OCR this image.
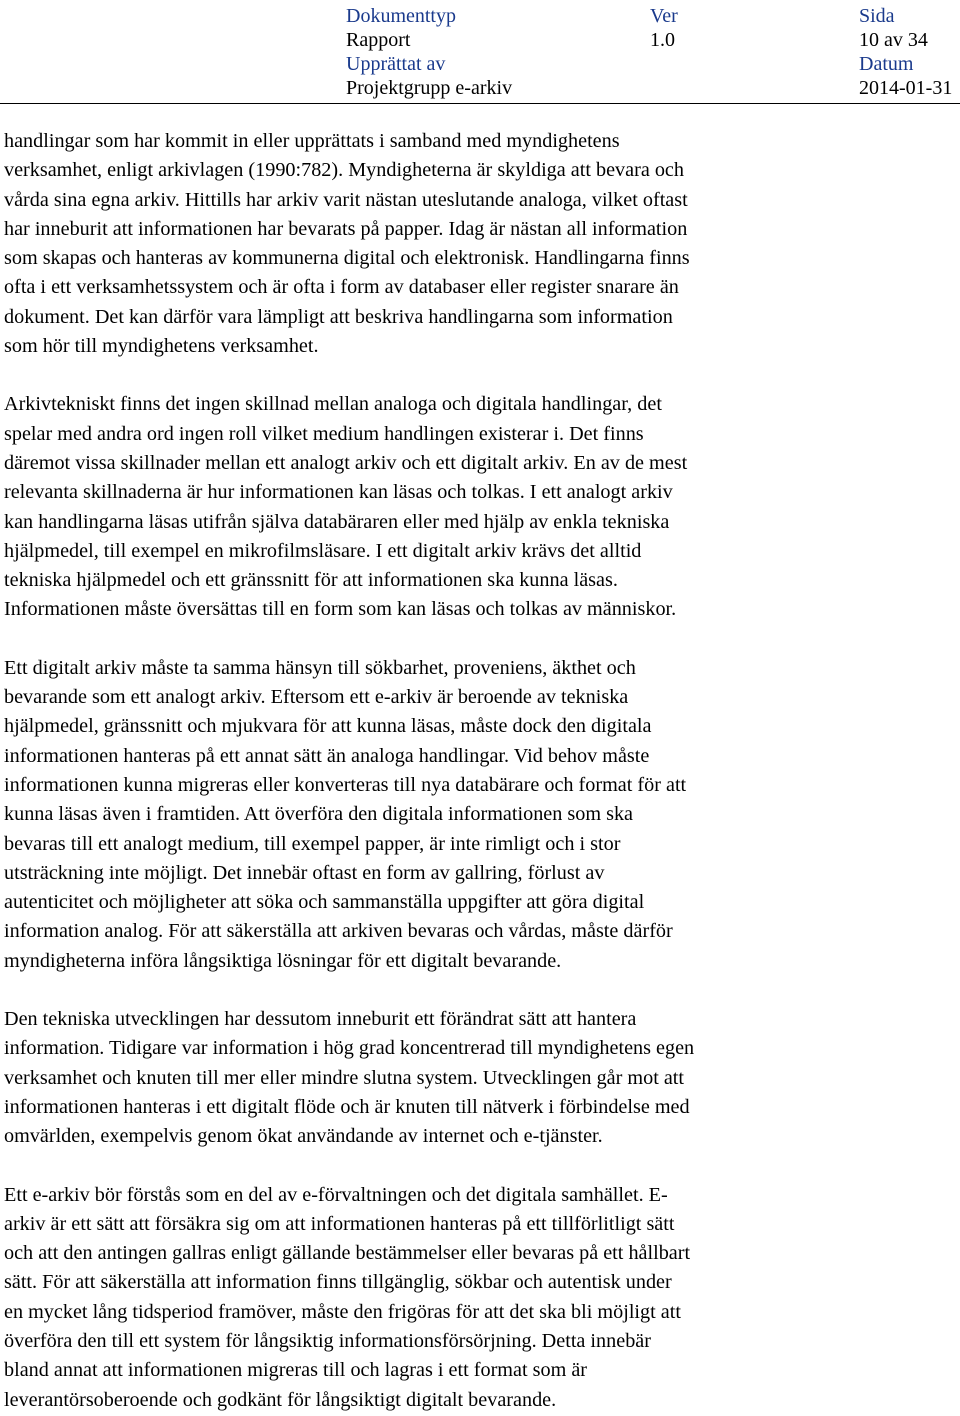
Dokumenttyp	Ver	Sida
Rapport	1.0	10 av 34
Upprättat av	Datum
Projektgrupp e-arkiv	2014-01-31

handlingar som har kommit in eller upprättats i samband med myndighetens
verksamhet, enligt arkivlagen (1990:782). Myndigheterna är skyldiga att bevara och
vårda sina egna arkiv. Hittills har arkiv varit nästan uteslutande analoga, vilket oftast
har inneburit att informationen har bevarats på papper. Idag är nästan all information
som skapas och hanteras av kommunerna digital och elektronisk. Handlingarna finns
ofta i ett verksamhetssystem och är ofta i form av databaser eller register snarare än
dokument. Det kan därför vara lämpligt att beskriva handlingarna som information
som hör till myndighetens verksamhet.

Arkivtekniskt finns det ingen skillnad mellan analoga och digitala handlingar, det
spelar med andra ord ingen roll vilket medium handlingen existerar i. Det finns
däremot vissa skillnader mellan ett analogt arkiv och ett digitalt arkiv. En av de mest
relevanta skillnaderna är hur informationen kan läsas och tolkas. I ett analogt arkiv
kan handlingarna läsas utifrån själva databäraren eller med hjälp av enkla tekniska
hjälpmedel, till exempel en mikrofilmsläsare. I ett digitalt arkiv krävs det alltid
tekniska hjälpmedel och ett gränssnitt för att informationen ska kunna läsas.
Informationen måste översättas till en form som kan läsas och tolkas av människor.

Ett digitalt arkiv måste ta samma hänsyn till sökbarhet, proveniens, äkthet och
bevarande som ett analogt arkiv. Eftersom ett e-arkiv är beroende av tekniska
hjälpmedel, gränssnitt och mjukvara för att kunna läsas, måste dock den digitala
informationen hanteras på ett annat sätt än analoga handlingar. Vid behov måste
informationen kunna migreras eller konverteras till nya databärare och format för att
kunna läsas även i framtiden. Att överföra den digitala informationen som ska
bevaras till ett analogt medium, till exempel papper, är inte rimligt och i stor
utsträckning inte möjligt. Det innebär oftast en form av gallring, förlust av
autenticitet och möjligheter att söka och sammanställa uppgifter att göra digital
information analog. För att säkerställa att arkiven bevaras och vårdas, måste därför
myndigheterna införa långsiktiga lösningar för ett digitalt bevarande.

Den tekniska utvecklingen har dessutom inneburit ett förändrat sätt att hantera
information. Tidigare var information i hög grad koncentrerad till myndighetens egen
verksamhet och knuten till mer eller mindre slutna system. Utvecklingen går mot att
informationen hanteras i ett digitalt flöde och är knuten till nätverk i förbindelse med
omvärlden, exempelvis genom ökat användande av internet och e-tjänster.

Ett e-arkiv bör förstås som en del av e-förvaltningen och det digitala samhället. E-
arkiv är ett sätt att försäkra sig om att informationen hanteras på ett tillförlitligt sätt
och att den antingen gallras enligt gällande bestämmelser eller bevaras på ett hållbart
sätt. För att säkerställa att information finns tillgänglig, sökbar och autentisk under
en mycket lång tidsperiod framöver, måste den frigöras för att det ska bli möjligt att
överföra den till ett system för långsiktig informationsförsörjning. Detta innebär
bland annat att informationen migreras till och lagras i ett format som är
leverantörsoberoende och godkänt för långsiktigt digitalt bevarande.
